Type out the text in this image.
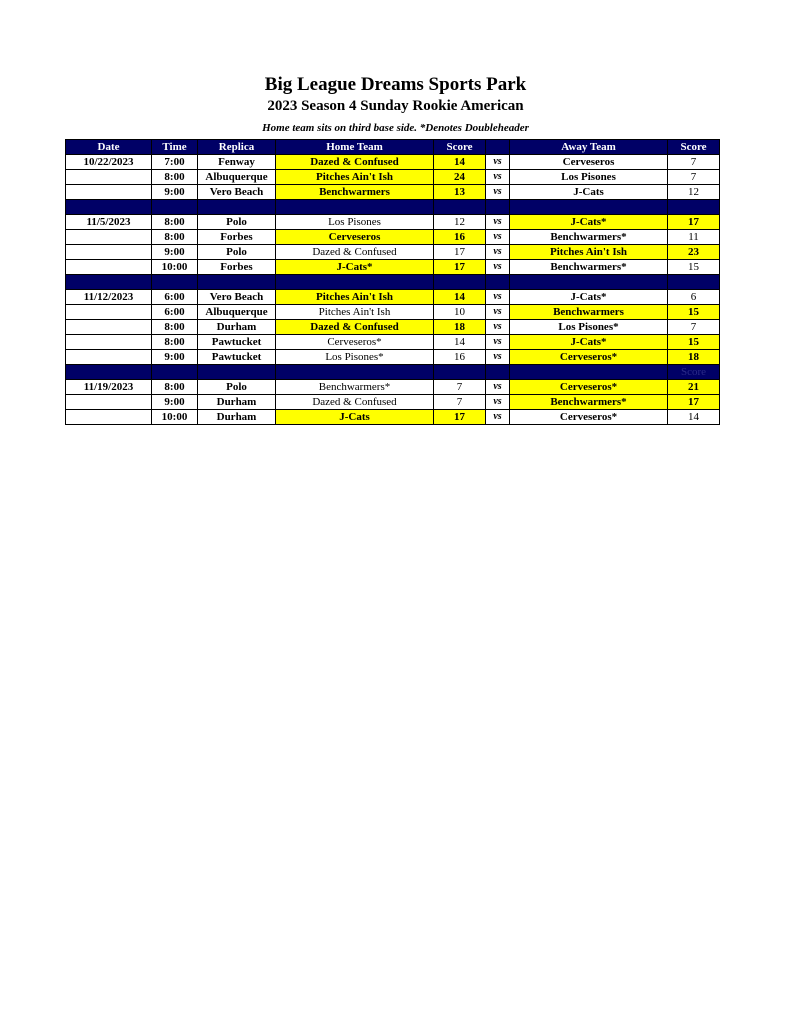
Big League Dreams Sports Park
2023 Season 4 Sunday Rookie American
Home team sits on third base side. *Denotes Doubleheader
Date	Time	Replica	Home Team	Score		Away Team	Score
10/22/2023	7:00	Fenway	Dazed & Confused	14	vs	Cerveseros	7
	8:00	Albuquerque	Pitches Ain't Ish	24	vs	Los Pisones	7
	9:00	Vero Beach	Benchwarmers	13	vs	J-Cats	12

11/5/2023	8:00	Polo	Los Pisones	12	vs	J-Cats*	17
	8:00	Forbes	Cerveseros	16	vs	Benchwarmers*	11
	9:00	Polo	Dazed & Confused	17	vs	Pitches Ain't Ish	23
	10:00	Forbes	J-Cats*	17	vs	Benchwarmers*	15

11/12/2023	6:00	Vero Beach	Pitches Ain't Ish	14	vs	J-Cats*	6
	6:00	Albuquerque	Pitches Ain't Ish	10	vs	Benchwarmers	15
	8:00	Durham	Dazed & Confused	18	vs	Los Pisones*	7
	8:00	Pawtucket	Cerveseros*	14	vs	J-Cats*	15
	9:00	Pawtucket	Los Pisones*	16	vs	Cerveseros*	18
							Score
11/19/2023	8:00	Polo	Benchwarmers*	7	vs	Cerveseros*	21
	9:00	Durham	Dazed & Confused	7	vs	Benchwarmers*	17
	10:00	Durham	J-Cats	17	vs	Cerveseros*	14
